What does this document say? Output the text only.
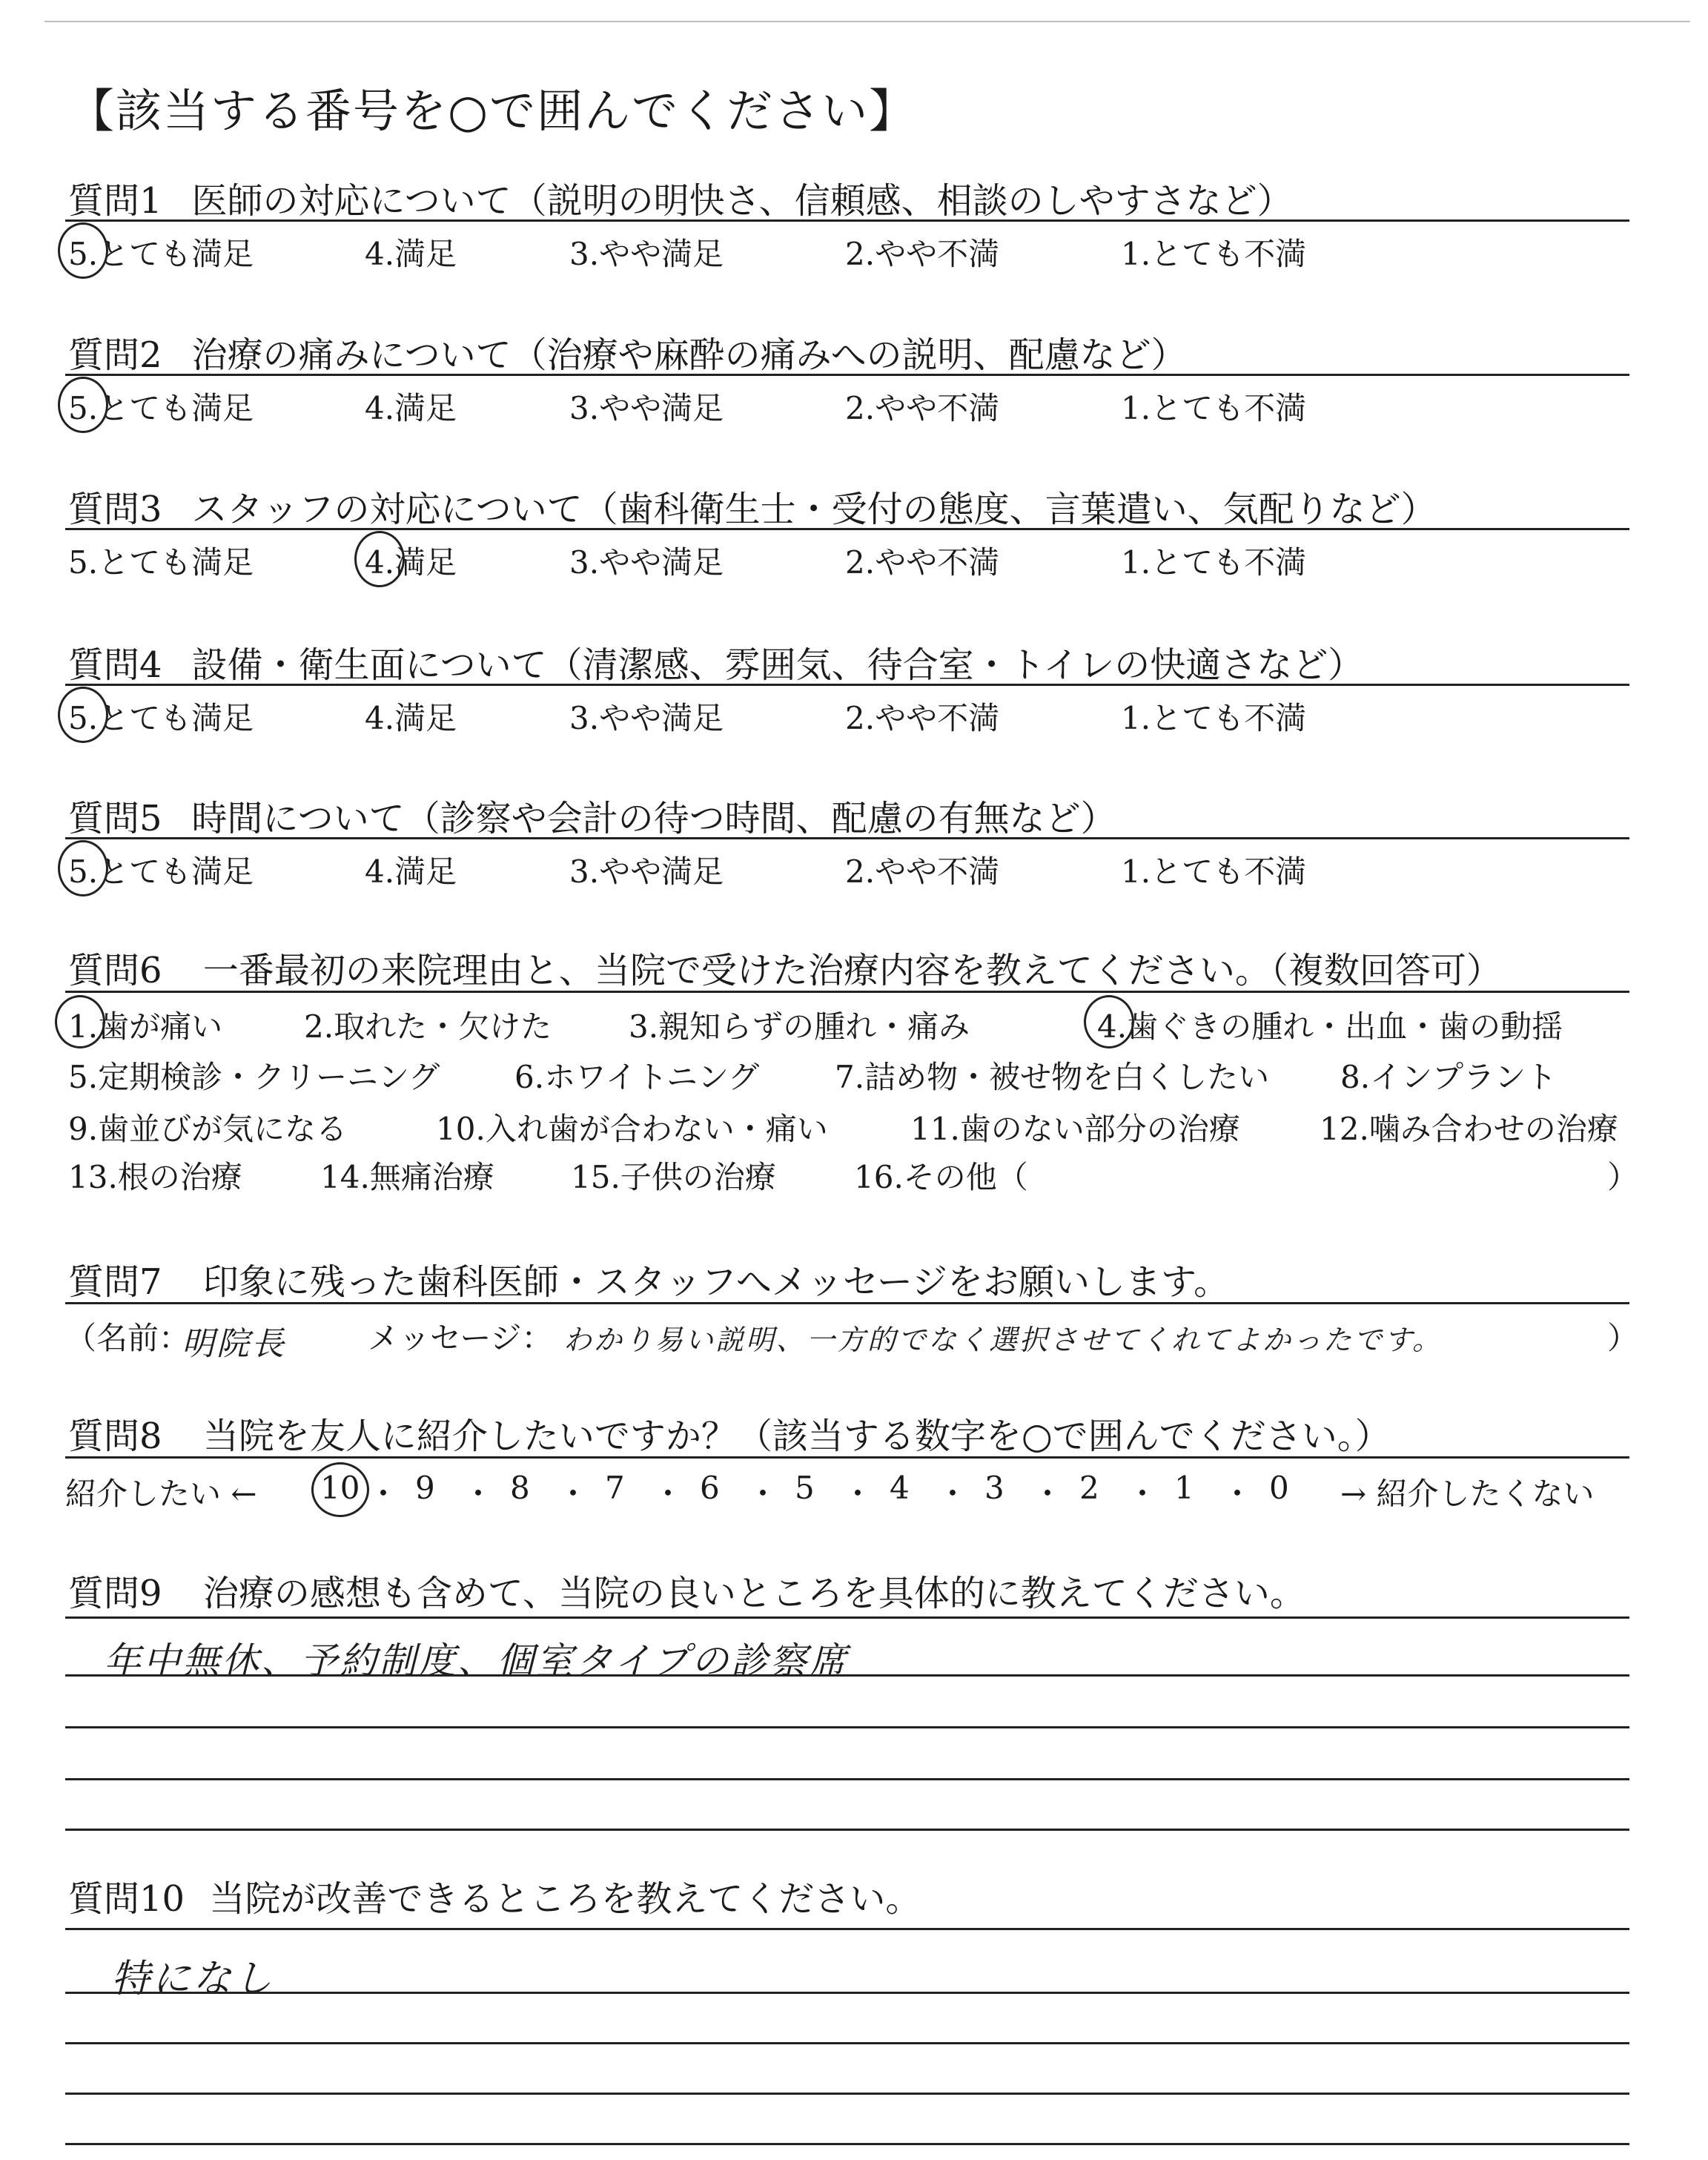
【該当する番号を○で囲んでください】
質問1 医師の対応について（説明の明快さ、信頼感、相談のしやすさなど）
5.とても満足	4.満足	3.やや満足	2.やや不満	1.とても不満
質問2 治療の痛みについて（治療や麻酔の痛みへの説明、配慮など）
5.とても満足	4.満足	3.やや満足	2.やや不満	1.とても不満
質問3 スタッフの対応について（歯科衛生士・受付の態度、言葉遣い、気配りなど）
5.とても満足	4.満足	3.やや満足	2.やや不満	1.とても不満
質問4 設備・衛生面について（清潔感、雰囲気、待合室・トイレの快適さなど）
5.とても満足	4.満足	3.やや満足	2.やや不満	1.とても不満
質問5 時間について（診察や会計の待つ時間、配慮の有無など）
5.とても満足	4.満足	3.やや満足	2.やや不満	1.とても不満
質問6 一番最初の来院理由と、当院で受けた治療内容を教えてください。（複数回答可）
1.歯が痛い	2.取れた・欠けた 3.親知らずの腫れ・痛み	4.歯ぐきの腫れ・出血・歯の動揺
5.定期検診・クリーニング 6.ホワイトニング 7.詰め物・被せ物を白くしたい 8.インプラント
9.歯並びが気になる	10.入れ歯が合わない・痛い	11.歯のない部分の治療	12.噛み合わせの治療
13.根の治療	14.無痛治療 15.子供の治療	16.その他（	）
質問7 印象に残った歯科医師・スタッフへメッセージをお願いします。
（名前：
明院長	メッセージ： わかり易い説明、一方的でなく選択させてくれてよかったです。	）
質問8 当院を友人に紹介したいですか？（該当する数字を○で囲んでください。）
紹介したい ← 10 ・ 9 ・ 8 ・ 7 ・ 6 ・ 5 ・ 4 ・ 3 ・ 2 ・ 1 ・ 0 → 紹介したくない
質問9 治療の感想も含めて、当院の良いところを具体的に教えてください。
年中無休、予約制度、個室タイプの診察席
質問10 当院が改善できるところを教えてください。
特になし
